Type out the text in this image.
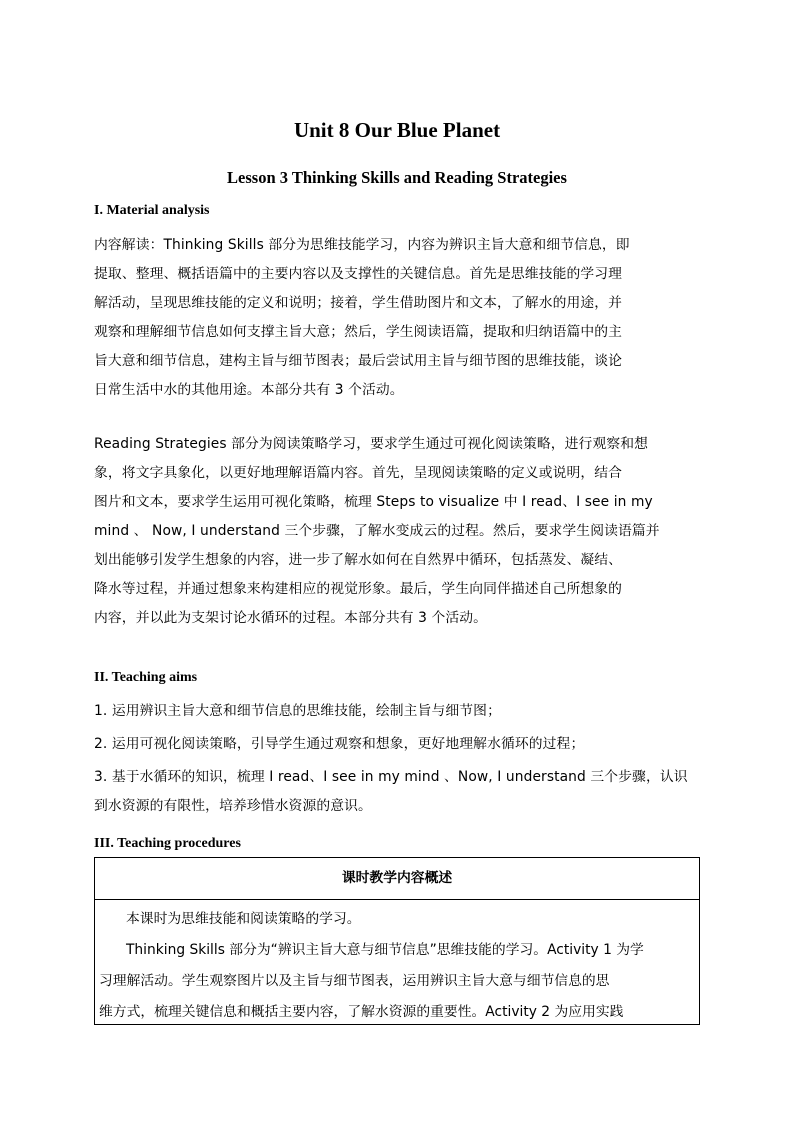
Unit 8 Our Blue Planet
Lesson 3 Thinking Skills and Reading Strategies
I. Material analysis
内容解读：Thinking Skills 部分为思维技能学习，内容为辨识主旨大意和细节信息，即
提取、整理、概括语篇中的主要内容以及支撑性的关键信息。首先是思维技能的学习理
解活动，呈现思维技能的定义和说明；接着，学生借助图片和文本，了解水的用途，并
观察和理解细节信息如何支撑主旨大意；然后，学生阅读语篇，提取和归纳语篇中的主
旨大意和细节信息，建构主旨与细节图表；最后尝试用主旨与细节图的思维技能，谈论
日常生活中水的其他用途。本部分共有 3 个活动。
Reading Strategies 部分为阅读策略学习，要求学生通过可视化阅读策略，进行观察和想
象，将文字具象化，以更好地理解语篇内容。首先，呈现阅读策略的定义或说明，结合
图片和文本，要求学生运用可视化策略，梳理 Steps to visualize 中 I read、I see in my
mind 、 Now, I understand 三个步骤，了解水变成云的过程。然后，要求学生阅读语篇并
划出能够引发学生想象的内容，进一步了解水如何在自然界中循环，包括蒸发、凝结、
降水等过程，并通过想象来构建相应的视觉形象。最后，学生向同伴描述自己所想象的
内容，并以此为支架讨论水循环的过程。本部分共有 3 个活动。
II. Teaching aims
1. 运用辨识主旨大意和细节信息的思维技能，绘制主旨与细节图；
2. 运用可视化阅读策略，引导学生通过观察和想象，更好地理解水循环的过程；
3. 基于水循环的知识，梳理 I read、I see in my mind 、Now, I understand 三个步骤，认识
到水资源的有限性，培养珍惜水资源的意识。
III. Teaching procedures
课时教学内容概述
本课时为思维技能和阅读策略的学习。
Thinking Skills 部分为“辨识主旨大意与细节信息”思维技能的学习。Activity 1 为学
习理解活动。学生观察图片以及主旨与细节图表，运用辨识主旨大意与细节信息的思
维方式，梳理关键信息和概括主要内容，了解水资源的重要性。Activity 2 为应用实践
